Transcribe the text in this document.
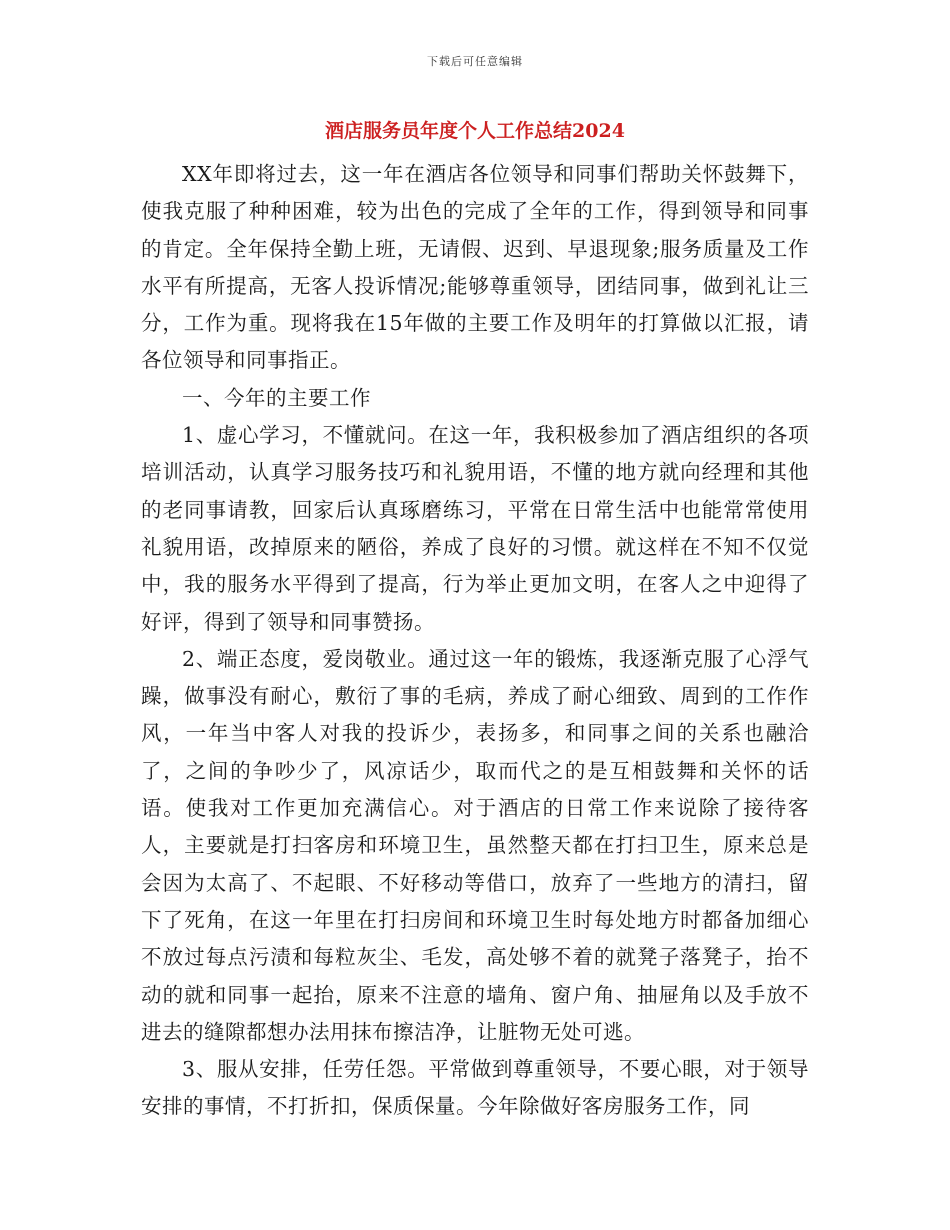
下载后可任意编辑
酒店服务员年度个人工作总结2024

XX年即将过去，这一年在酒店各位领导和同事们帮助关怀鼓舞下，使我克服了种种困难，较为出色的完成了全年的工作，得到领导和同事的肯定。全年保持全勤上班，无请假、迟到、早退现象;服务质量及工作水平有所提高，无客人投诉情况;能够尊重领导，团结同事，做到礼让三分，工作为重。现将我在15年做的主要工作及明年的打算做以汇报，请各位领导和同事指正。

一、今年的主要工作

1、虚心学习，不懂就问。在这一年，我积极参加了酒店组织的各项培训活动，认真学习服务技巧和礼貌用语，不懂的地方就向经理和其他的老同事请教，回家后认真琢磨练习，平常在日常生活中也能常常使用礼貌用语，改掉原来的陋俗，养成了良好的习惯。就这样在不知不仅觉中，我的服务水平得到了提高，行为举止更加文明，在客人之中迎得了好评，得到了领导和同事赞扬。

2、端正态度，爱岗敬业。通过这一年的锻炼，我逐渐克服了心浮气躁，做事没有耐心，敷衍了事的毛病，养成了耐心细致、周到的工作作风，一年当中客人对我的投诉少，表扬多，和同事之间的关系也融洽了，之间的争吵少了，风凉话少，取而代之的是互相鼓舞和关怀的话语。使我对工作更加充满信心。对于酒店的日常工作来说除了接待客人，主要就是打扫客房和环境卫生，虽然整天都在打扫卫生，原来总是会因为太高了、不起眼、不好移动等借口，放弃了一些地方的清扫，留下了死角，在这一年里在打扫房间和环境卫生时每处地方时都备加细心不放过每点污渍和每粒灰尘、毛发，高处够不着的就凳子落凳子，抬不动的就和同事一起抬，原来不注意的墙角、窗户角、抽屉角以及手放不进去的缝隙都想办法用抹布擦洁净，让脏物无处可逃。

3、服从安排，任劳任怨。平常做到尊重领导，不要心眼，对于领导安排的事情，不打折扣，保质保量。今年除做好客房服务工作，同
